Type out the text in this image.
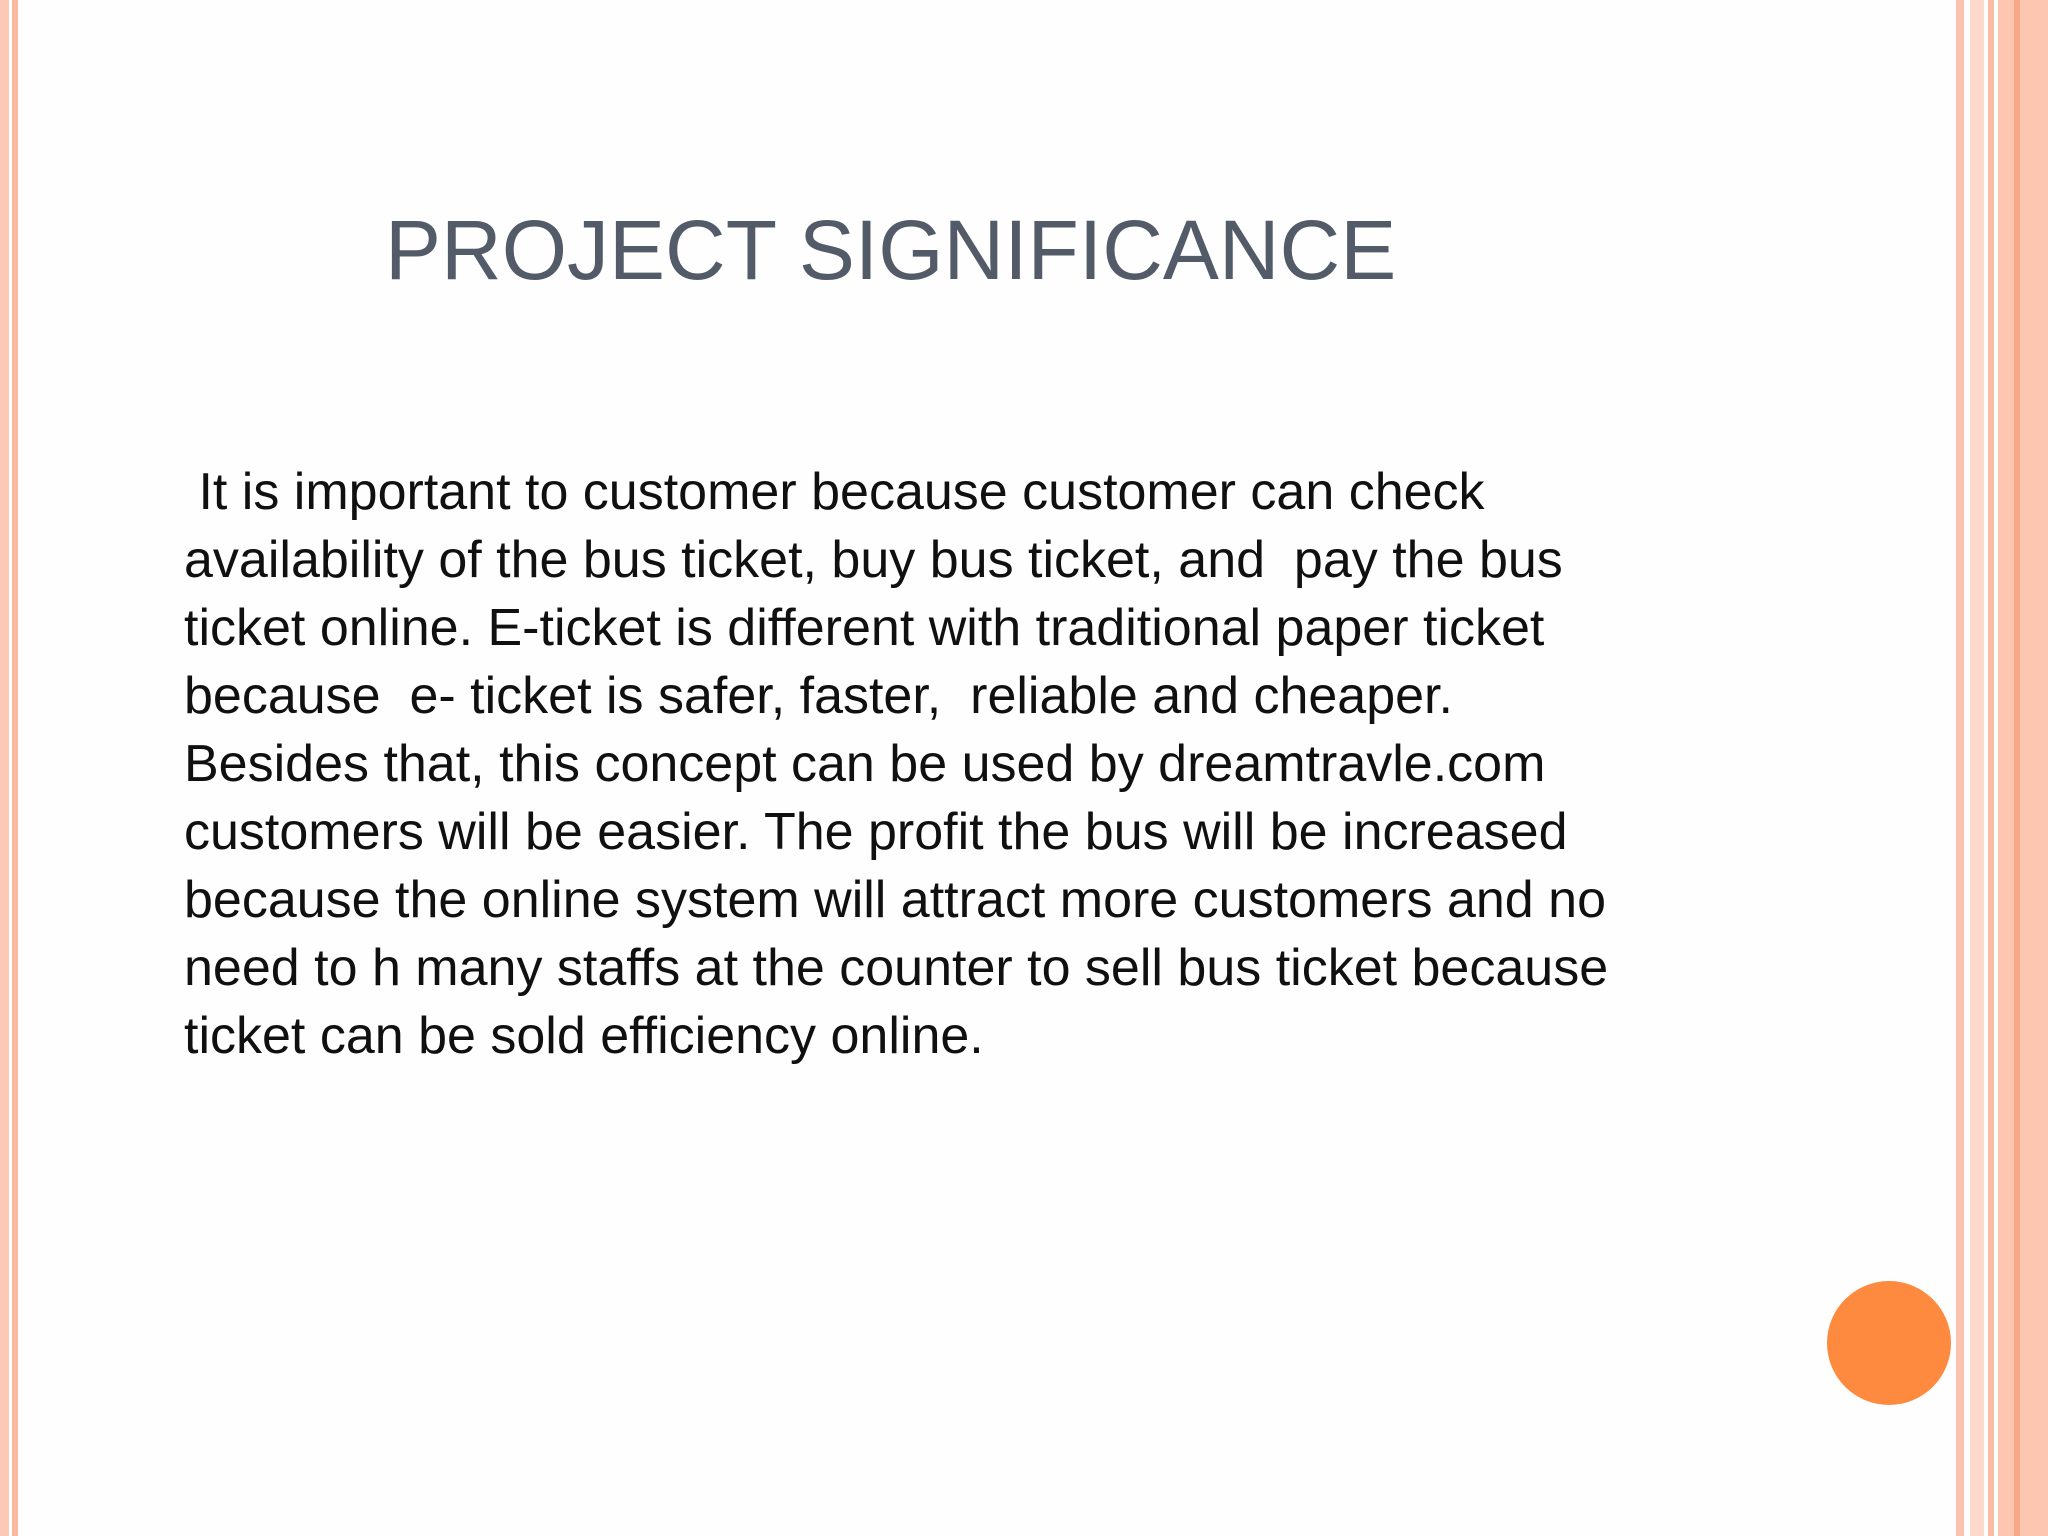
PROJECT SIGNIFICANCE
It is important to customer because customer can check
availability of the bus ticket, buy bus ticket, and  pay the bus
ticket online. E-ticket is different with traditional paper ticket
because  e- ticket is safer, faster,  reliable and cheaper.
Besides that, this concept can be used by dreamtravle.com
customers will be easier. The profit the bus will be increased
because the online system will attract more customers and no
need to h many staffs at the counter to sell bus ticket because
ticket can be sold efficiency online.
